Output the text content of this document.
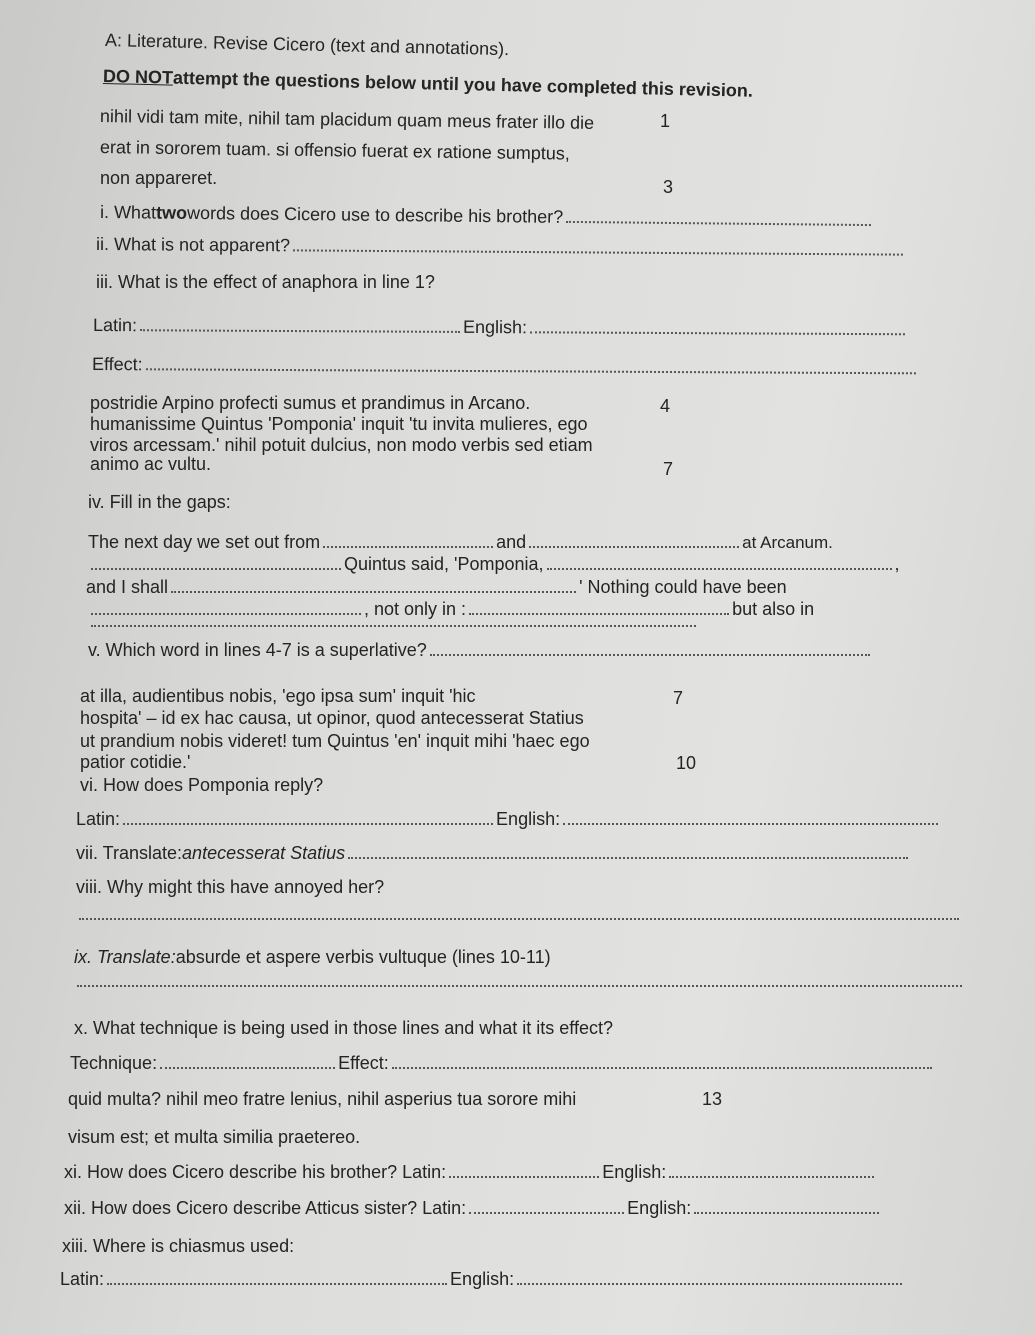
A: Literature. Revise Cicero (text and annotations).
DO NOT attempt the questions below until you have completed this revision.
nihil vidi tam mite, nihil tam placidum quam meus frater illo die	1
erat in sororem tuam. si offensio fuerat ex ratione sumptus,
non appareret.	3
i. What two words does Cicero use to describe his brother?
ii. What is not apparent?
iii. What is the effect of anaphora in line 1?
Latin:	English:
Effect:
postridie Arpino profecti sumus et prandimus in Arcano.	4
humanissime Quintus 'Pomponia' inquit 'tu invita mulieres, ego
viros arcessam.' nihil potuit dulcius, non modo verbis sed etiam
animo ac vultu.	7
iv. Fill in the gaps:
The next day we set out from	and	at Arcanum.
Quintus said, 'Pomponia,	,
and I shall	' Nothing could have been
, not only in :	but also in
v. Which word in lines 4-7 is a superlative?
at illa, audientibus nobis, 'ego ipsa sum' inquit 'hic	7
hospita' – id ex hac causa, ut opinor, quod antecesserat Statius
ut prandium nobis videret! tum Quintus 'en' inquit mihi 'haec ego
patior cotidie.'	10
vi. How does Pomponia reply?
Latin:	English:
vii. Translate: antecesserat Statius
viii. Why might this have annoyed her?
ix. Translate: absurde et aspere verbis vultuque (lines 10-11)
x. What technique is being used in those lines and what it its effect?
Technique:	Effect:
quid multa? nihil meo fratre lenius, nihil asperius tua sorore mihi	13
visum est; et multa similia praetereo.
xi. How does Cicero describe his brother? Latin:	English:
xii. How does Cicero describe Atticus sister? Latin:	English:
xiii. Where is chiasmus used:
Latin:	English:
